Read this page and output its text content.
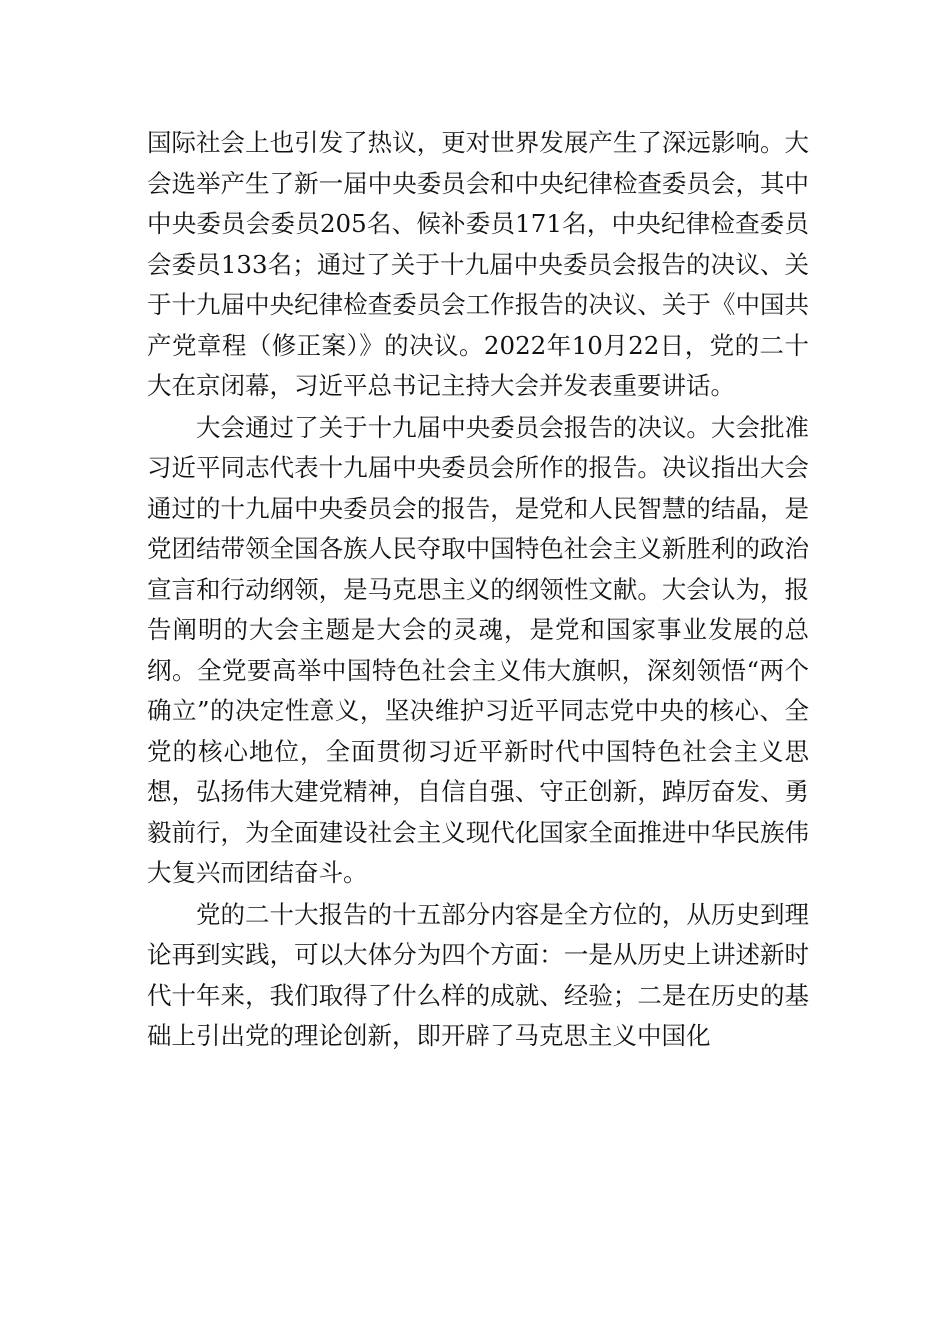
国际社会上也引发了热议，更对世界发展产生了深远影响。大会选举产生了新一届中央委员会和中央纪律检查委员会，其中中央委员会委员205名、候补委员171名，中央纪律检查委员会委员133名；通过了关于十九届中央委员会报告的决议、关于十九届中央纪律检查委员会工作报告的决议、关于《中国共产党章程（修正案）》的决议。2022年10月22日，党的二十大在京闭幕，习近平总书记主持大会并发表重要讲话。

大会通过了关于十九届中央委员会报告的决议。大会批准习近平同志代表十九届中央委员会所作的报告。决议指出大会通过的十九届中央委员会的报告，是党和人民智慧的结晶，是党团结带领全国各族人民夺取中国特色社会主义新胜利的政治宣言和行动纲领，是马克思主义的纲领性文献。大会认为，报告阐明的大会主题是大会的灵魂，是党和国家事业发展的总纲。全党要高举中国特色社会主义伟大旗帜，深刻领悟“两个确立”的决定性意义，坚决维护习近平同志党中央的核心、全党的核心地位，全面贯彻习近平新时代中国特色社会主义思想，弘扬伟大建党精神，自信自强、守正创新，踔厉奋发、勇毅前行，为全面建设社会主义现代化国家全面推进中华民族伟大复兴而团结奋斗。

党的二十大报告的十五部分内容是全方位的，从历史到理论再到实践，可以大体分为四个方面：一是从历史上讲述新时代十年来，我们取得了什么样的成就、经验；二是在历史的基础上引出党的理论创新，即开辟了马克思主义中国化
